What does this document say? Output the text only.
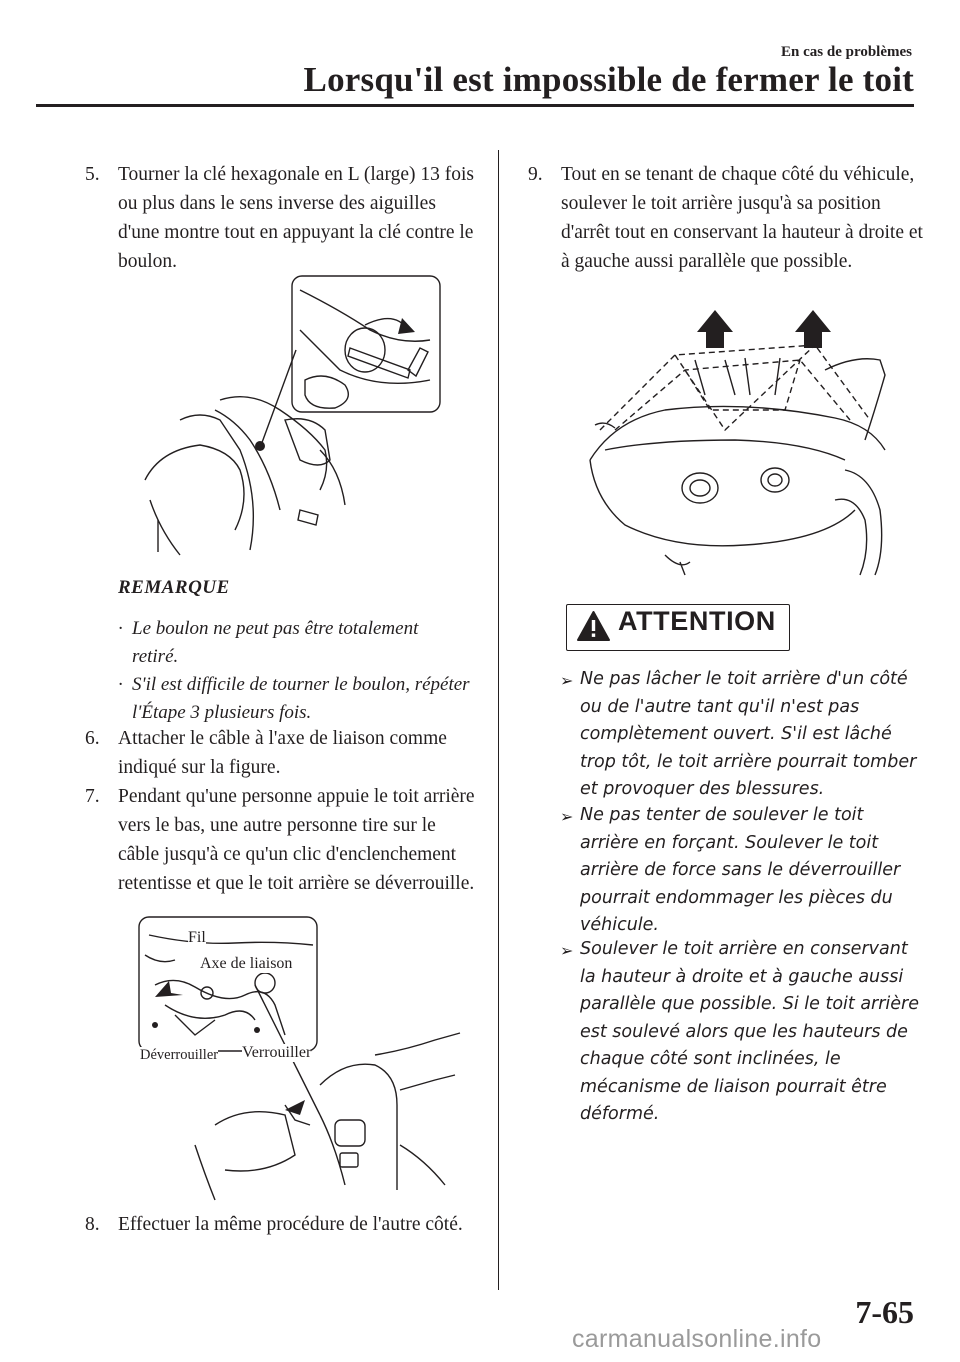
En cas de problèmes
Lorsqu'il est impossible de fermer le toit
5. Tourner la clé hexagonale en L (large) 13 fois ou plus dans le sens inverse des aiguilles d'une montre tout en appuyant la clé contre le boulon.
REMARQUE
· Le boulon ne peut pas être totalement retiré.
· S'il est difficile de tourner le boulon, répéter l'Étape 3 plusieurs fois.
6. Attacher le câble à l'axe de liaison comme indiqué sur la figure.
7. Pendant qu'une personne appuie le toit arrière vers le bas, une autre personne tire sur le câble jusqu'à ce qu'un clic d'enclenchement retentisse et que le toit arrière se déverrouille.
Fil
Axe de liaison
Déverrouiller Verrouiller
8. Effectuer la même procédure de l'autre côté.
9. Tout en se tenant de chaque côté du véhicule, soulever le toit arrière jusqu'à sa position d'arrêt tout en conservant la hauteur à droite et à gauche aussi parallèle que possible.
ATTENTION
➢ Ne pas lâcher le toit arrière d'un côté ou de l'autre tant qu'il n'est pas complètement ouvert. S'il est lâché trop tôt, le toit arrière pourrait tomber et provoquer des blessures.
➢ Ne pas tenter de soulever le toit arrière en forçant. Soulever le toit arrière de force sans le déverrouiller pourrait endommager les pièces du véhicule.
➢ Soulever le toit arrière en conservant la hauteur à droite et à gauche aussi parallèle que possible. Si le toit arrière est soulevé alors que les hauteurs de chaque côté sont inclinées, le mécanisme de liaison pourrait être déformé.
7-65
carmanualsonline.info
